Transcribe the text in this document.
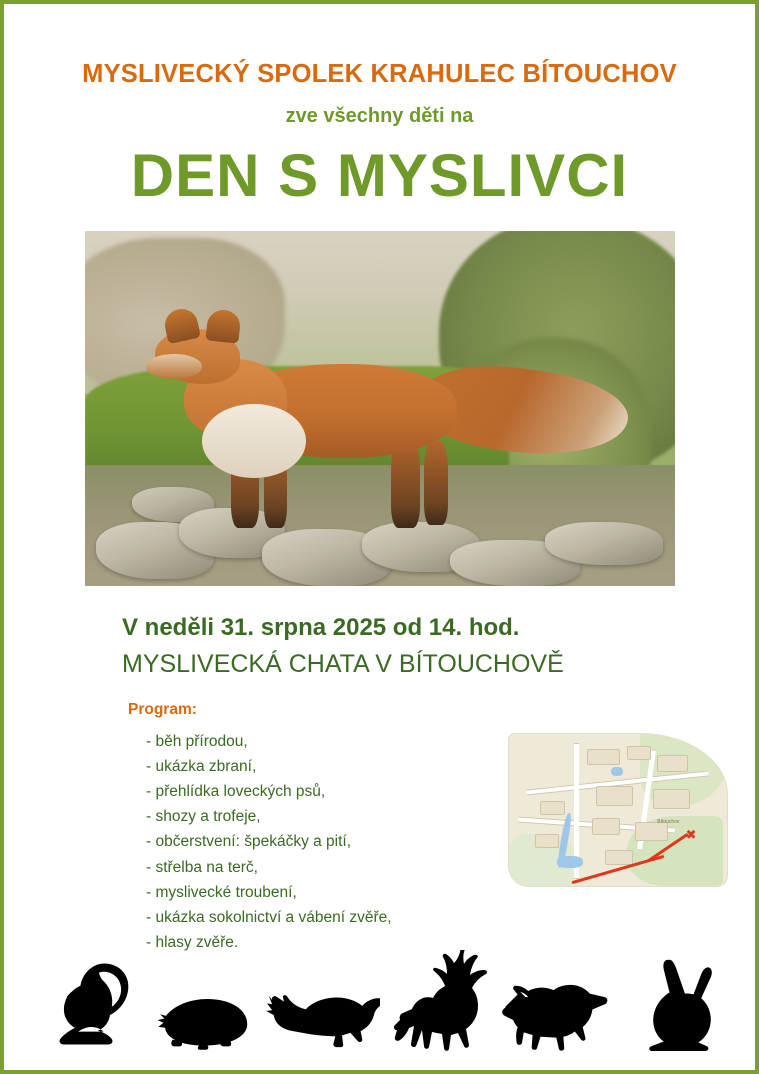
MYSLIVECKÝ SPOLEK KRAHULEC BÍTOUCHOV
zve všechny děti na
DEN S MYSLIVCI
V neděli 31. srpna 2025 od 14. hod.
MYSLIVECKÁ CHATA V BÍTOUCHOVĚ
Program:
- běh přírodou,
- ukázka zbraní,
- přehlídka loveckých psů,
- shozy a trofeje,
- občerstvení: špekáčky a pití,
- střelba na terč,
- myslivecké troubení,
- ukázka sokolnictví a vábení zvěře,
- hlasy zvěře.
✖
Bítouchov
